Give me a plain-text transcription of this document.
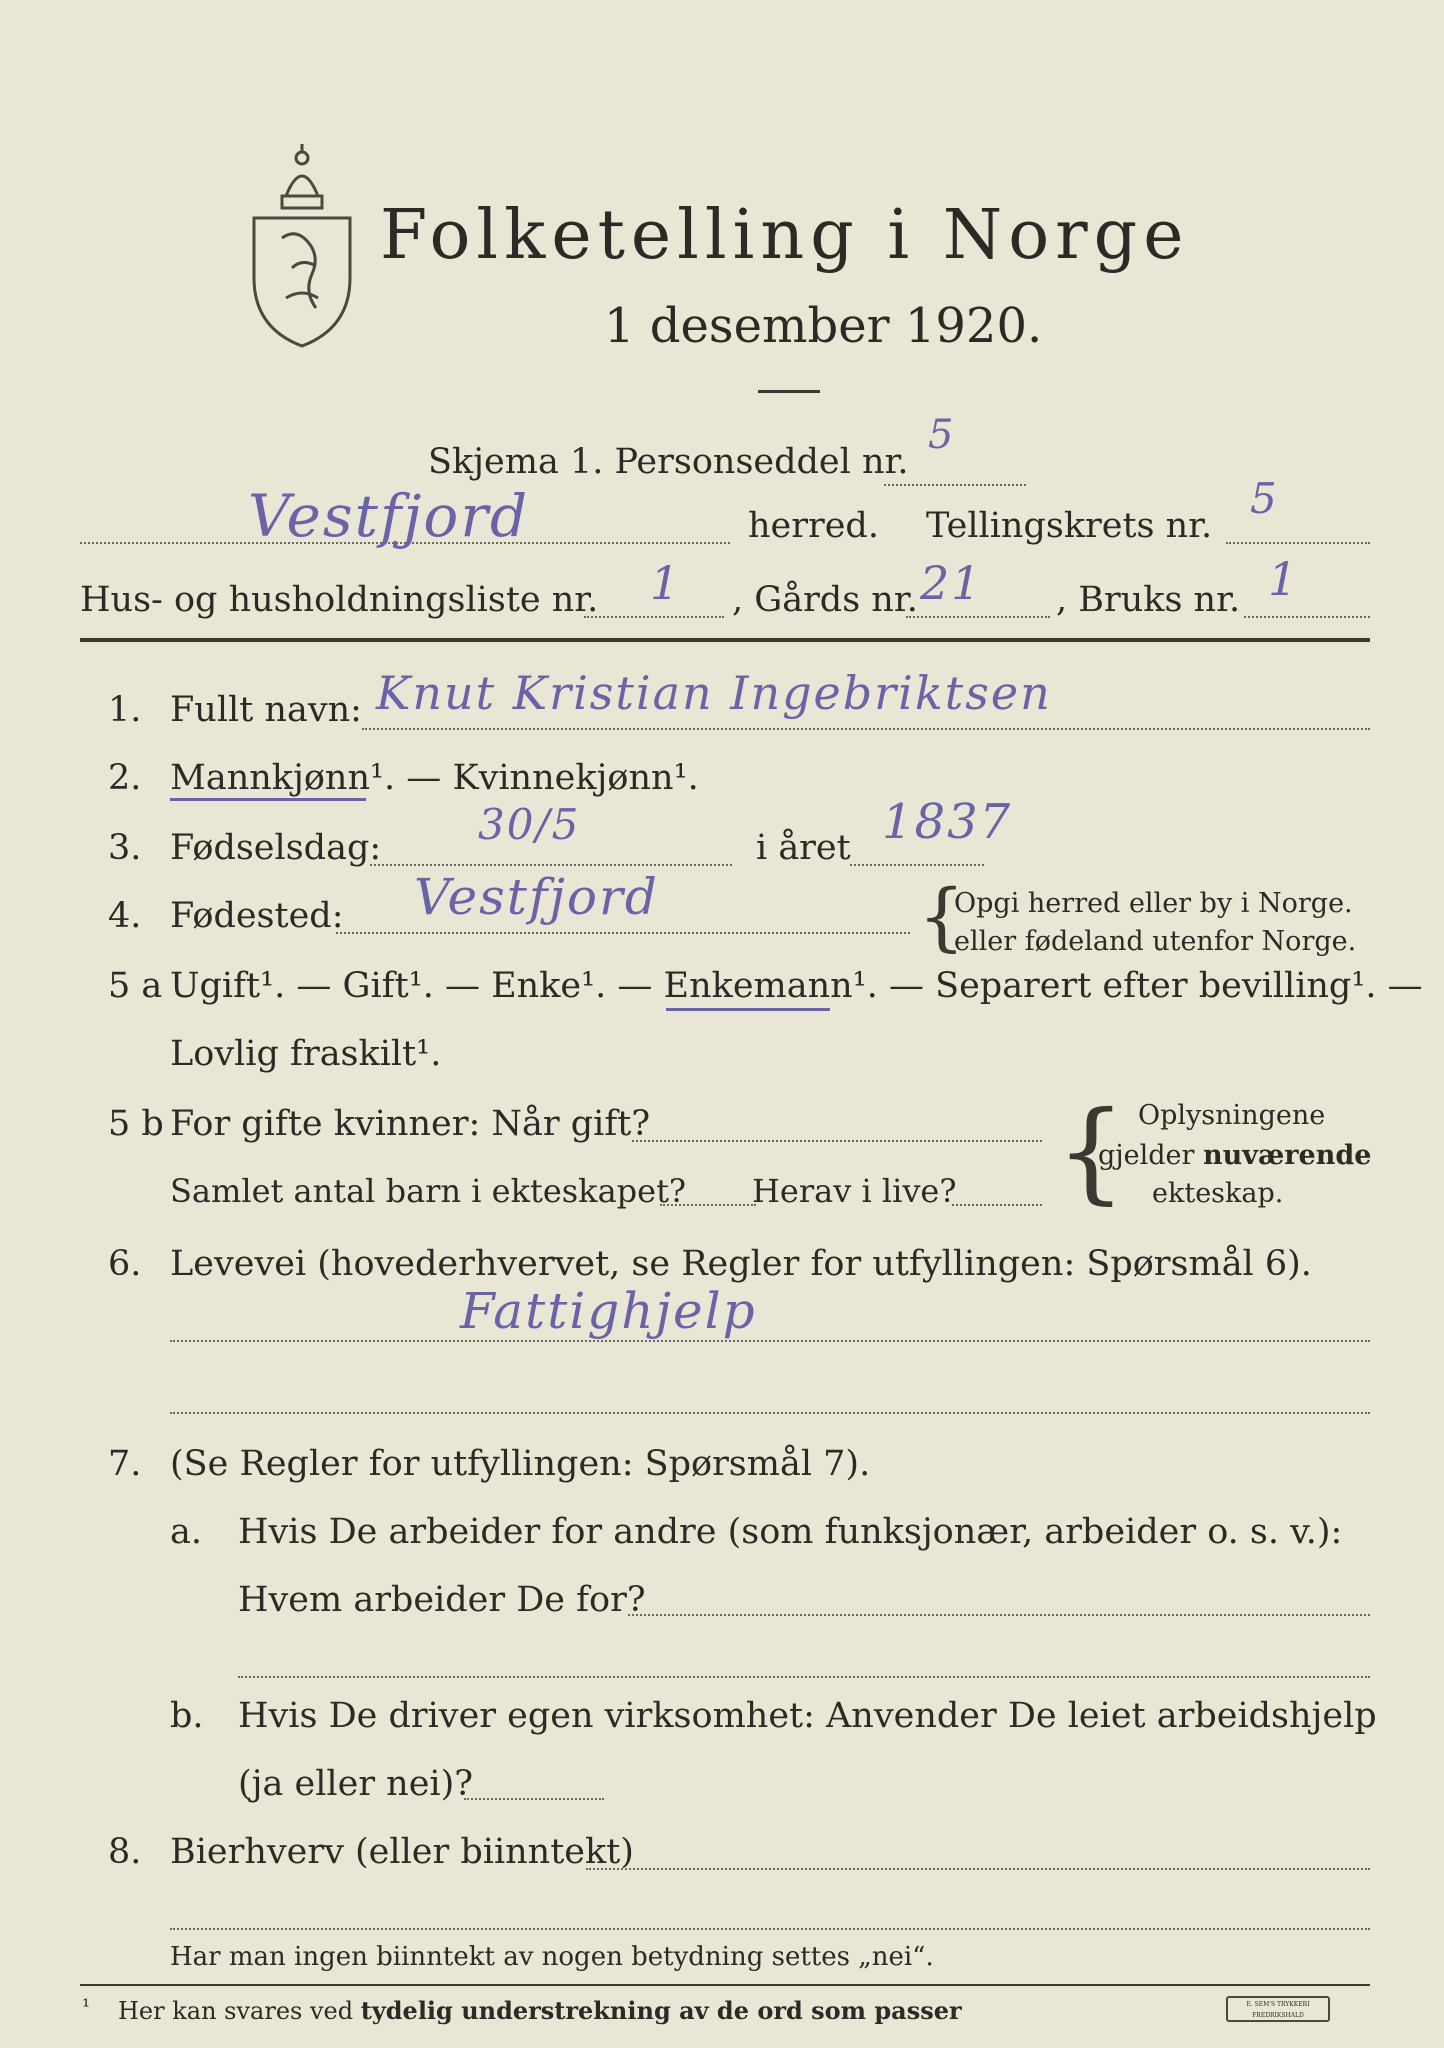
Folketelling i Norge
1 desember 1920.
Skjema 1. Personseddel nr.
5
Vestfjord	herred. Tellingskrets nr.
5
Hus- og husholdningsliste nr. 1 , Gårds nr. 21 , Bruks nr. 1
1. Fullt navn: Knut Kristian Ingebriktsen
2. Mannkjønn¹. — Kvinnekjønn¹.
3. Fødselsdag: 30/5	i året 1837
4. Fødested: Vestfjord	{
Opgi herred eller by i Norge.
eller fødeland utenfor Norge.
5 a Ugift¹. — Gift¹. — Enke¹. — Enkemann¹. — Separert efter bevilling¹. —
Lovlig fraskilt¹.
5 b For gifte kvinner: Når gift?
Samlet antal barn i ekteskapet? Herav i live? { Oplysningene
gjelder nuværende
ekteskap.
6. Levevei (hovederhvervet, se Regler for utfyllingen: Spørsmål 6).
Fattighjelp
7. (Se Regler for utfyllingen: Spørsmål 7).
a. Hvis De arbeider for andre (som funksjonær, arbeider o. s. v.):
Hvem arbeider De for?
b. Hvis De driver egen virksomhet: Anvender De leiet arbeidshjelp
(ja eller nei)?
8. Bierhverv (eller biinntekt)
Har man ingen biinntekt av nogen betydning settes „nei“.
¹ Her kan svares ved tydelig understrekning av de ord som passer	E. SEM'S TRYKKERI FREDRIKSHALD
